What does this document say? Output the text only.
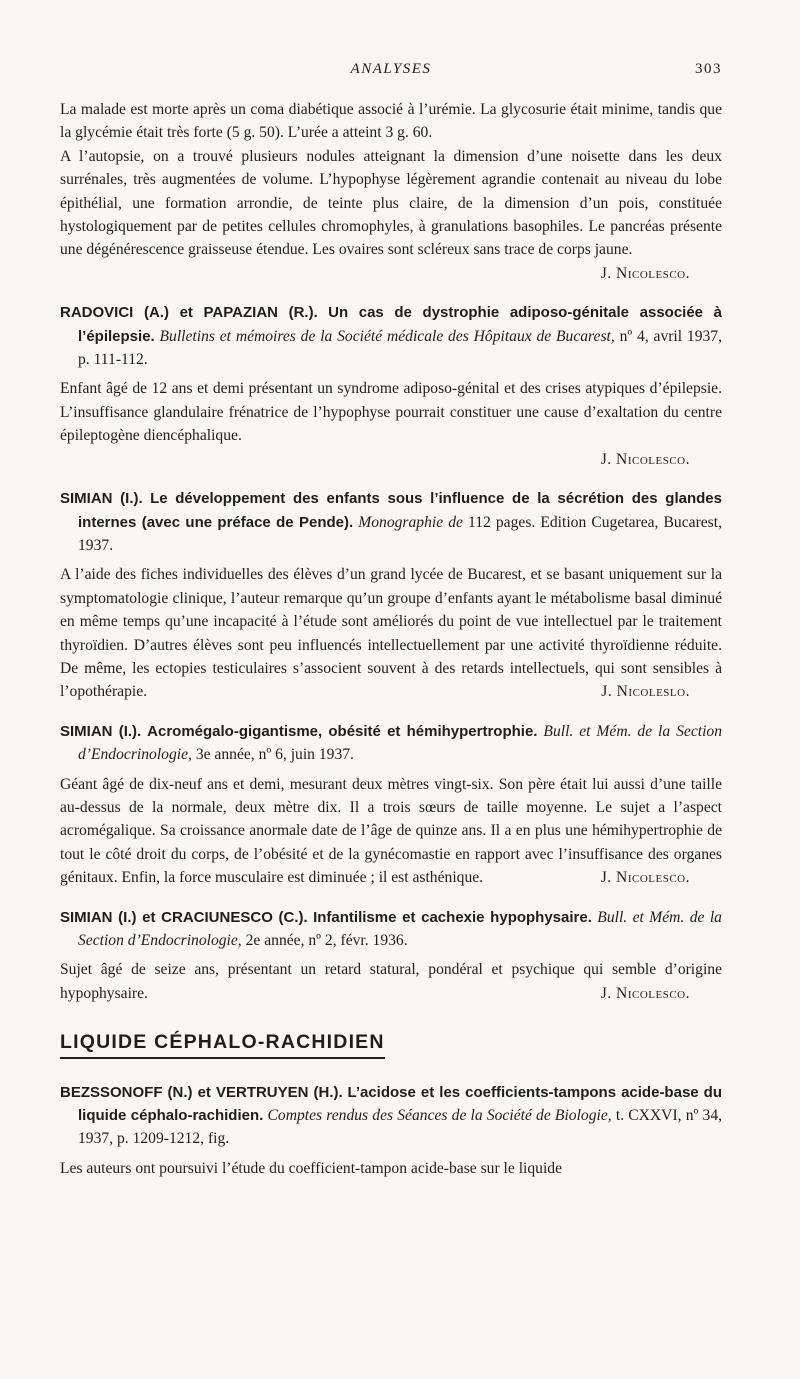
ANALYSES	303

La malade est morte après un coma diabétique associé à l’urémie. La glycosurie était minime, tandis que la glycémie était très forte (5 g. 50). L’urée a atteint 3 g. 60.

A l’autopsie, on a trouvé plusieurs nodules atteignant la dimension d’une noisette dans les deux surrénales, très augmentées de volume. L’hypophyse légèrement agrandie contenait au niveau du lobe épithélial, une formation arrondie, de teinte plus claire, de la dimension d’un pois, constituée hystologiquement par de petites cellules chromophyles, à granulations basophiles. Le pancréas présente une dégénérescence graisseuse étendue. Les ovaires sont scléreux sans trace de corps jaune.

J. Nicolesco.

RADOVICI (A.) et PAPAZIAN (R.). Un cas de dystrophie adiposo-génitale associée à l’épilepsie. Bulletins et mémoires de la Société médicale des Hôpitaux de Bucarest, nº 4, avril 1937, p. 111-112.

Enfant âgé de 12 ans et demi présentant un syndrome adiposo-génital et des crises atypiques d’épilepsie. L’insuffisance glandulaire frénatrice de l’hypophyse pourrait constituer une cause d’exaltation du centre épileptogène diencéphalique.

J. Nicolesco.

SIMIAN (I.). Le développement des enfants sous l’influence de la sécrétion des glandes internes (avec une préface de Pende). Monographie de 112 pages. Edition Cugetarea, Bucarest, 1937.

A l’aide des fiches individuelles des élèves d’un grand lycée de Bucarest, et se basant uniquement sur la symptomatologie clinique, l’auteur remarque qu’un groupe d’enfants ayant le métabolisme basal diminué en même temps qu’une incapacité à l’étude sont améliorés du point de vue intellectuel par le traitement thyroïdien. D’autres élèves sont peu influencés intellectuellement par une activité thyroïdienne réduite. De même, les ectopies testiculaires s’associent souvent à des retards intellectuels, qui sont sensibles à l’opothérapie.	J. Nicoleslo.

SIMIAN (I.). Acromégalo-gigantisme, obésité et hémihypertrophie. Bull. et Mém. de la Section d’Endocrinologie, 3e année, nº 6, juin 1937.

Géant âgé de dix-neuf ans et demi, mesurant deux mètres vingt-six. Son père était lui aussi d’une taille au-dessus de la normale, deux mètre dix. Il a trois sœurs de taille moyenne. Le sujet a l’aspect acromégalique. Sa croissance anormale date de l’âge de quinze ans. Il a en plus une hémihypertrophie de tout le côté droit du corps, de l’obésité et de la gynécomastie en rapport avec l’insuffisance des organes génitaux. Enfin, la force musculaire est diminuée ; il est asthénique.	J. Nicolesco.

SIMIAN (I.) et CRACIUNESCO (C.). Infantilisme et cachexie hypophysaire. Bull. et Mém. de la Section d’Endocrinologie, 2e année, nº 2, févr. 1936.

Sujet âgé de seize ans, présentant un retard statural, pondéral et psychique qui semble d’origine hypophysaire.	J. Nicolesco.

LIQUIDE CÉPHALO-RACHIDIEN

BEZSSONOFF (N.) et VERTRUYEN (H.). L’acidose et les coefficients-tampons acide-base du liquide céphalo-rachidien. Comptes rendus des Séances de la Société de Biologie, t. CXXVI, nº 34, 1937, p. 1209-1212, fig.

Les auteurs ont poursuivi l’étude du coefficient-tampon acide-base sur le liquide
